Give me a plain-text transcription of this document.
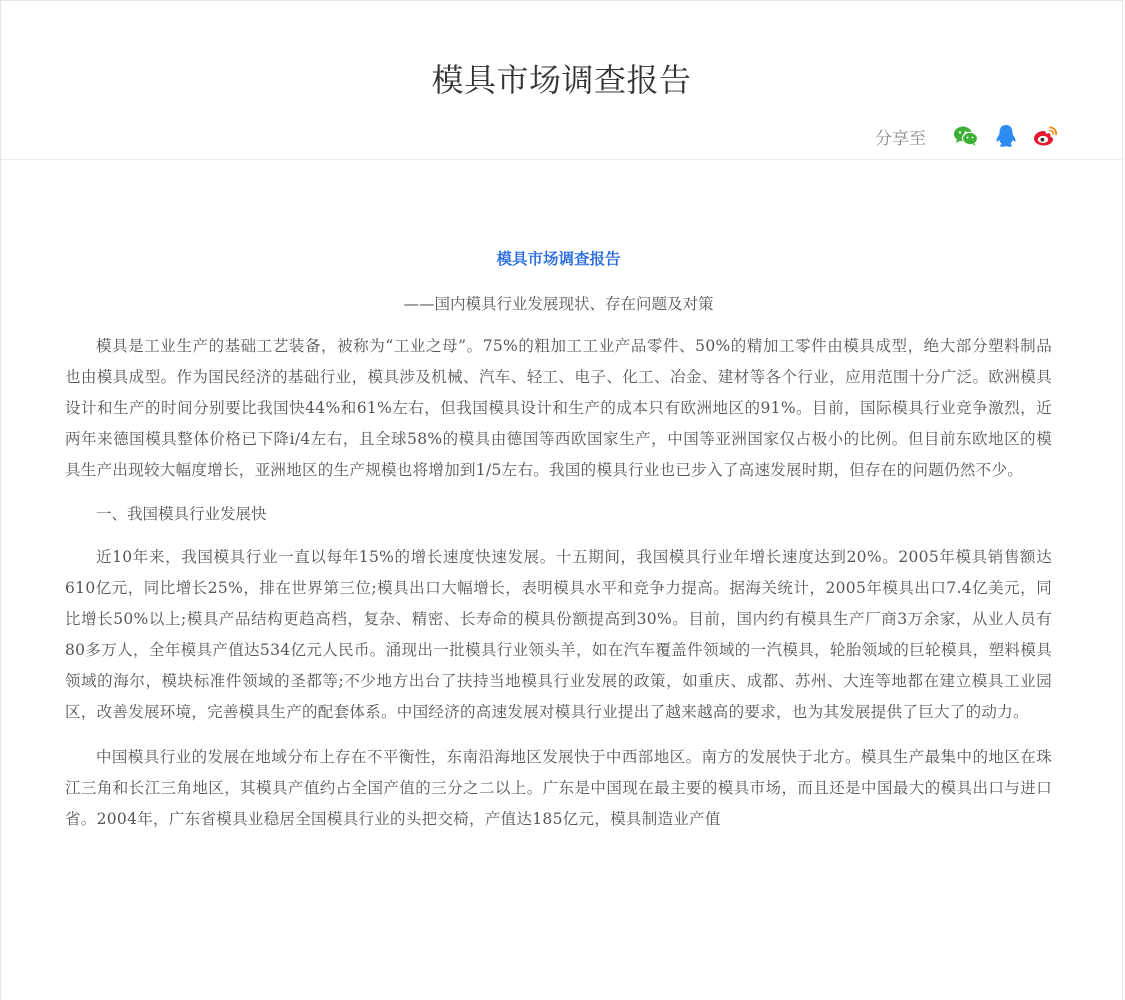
模具市场调查报告
分享至
模具市场调查报告
——国内模具行业发展现状、存在问题及对策

模具是工业生产的基础工艺装备，被称为“工业之母”。75%的粗加工工业产品零件、50%的精加工零件由模具成型，绝大部分塑料制品也由模具成型。作为国民经济的基础行业，模具涉及机械、汽车、轻工、电子、化工、冶金、建材等各个行业，应用范围十分广泛。欧洲模具设计和生产的时间分别要比我国快44%和61%左右，但我国模具设计和生产的成本只有欧洲地区的91%。目前，国际模具行业竞争激烈，近两年来德国模具整体价格已下降i/4左右，且全球58%的模具由德国等西欧国家生产，中国等亚洲国家仅占极小的比例。但目前东欧地区的模具生产出现较大幅度增长，亚洲地区的生产规模也将增加到1/5左右。我国的模具行业也已步入了高速发展时期，但存在的问题仍然不少。

一、我国模具行业发展快

近10年来，我国模具行业一直以每年15%的增长速度快速发展。十五期间，我国模具行业年增长速度达到20%。2005年模具销售额达610亿元，同比增长25%，排在世界第三位;模具出口大幅增长，表明模具水平和竞争力提高。据海关统计，2005年模具出口7.4亿美元，同比增长50%以上;模具产品结构更趋高档，复杂、精密、长寿命的模具份额提高到30%。目前，国内约有模具生产厂商3万余家，从业人员有80多万人，全年模具产值达534亿元人民币。涌现出一批模具行业领头羊，如在汽车覆盖件领域的一汽模具，轮胎领域的巨轮模具，塑料模具领域的海尔，模块标准件领域的圣都等;不少地方出台了扶持当地模具行业发展的政策，如重庆、成都、苏州、大连等地都在建立模具工业园区，改善发展环境，完善模具生产的配套体系。中国经济的高速发展对模具行业提出了越来越高的要求，也为其发展提供了巨大了的动力。

中国模具行业的发展在地域分布上存在不平衡性，东南沿海地区发展快于中西部地区。南方的发展快于北方。模具生产最集中的地区在珠江三角和长江三角地区，其模具产值约占全国产值的三分之二以上。广东是中国现在最主要的模具市场，而且还是中国最大的模具出口与进口省。2004年，广东省模具业稳居全国模具行业的头把交椅，产值达185亿元，模具制造业产值
